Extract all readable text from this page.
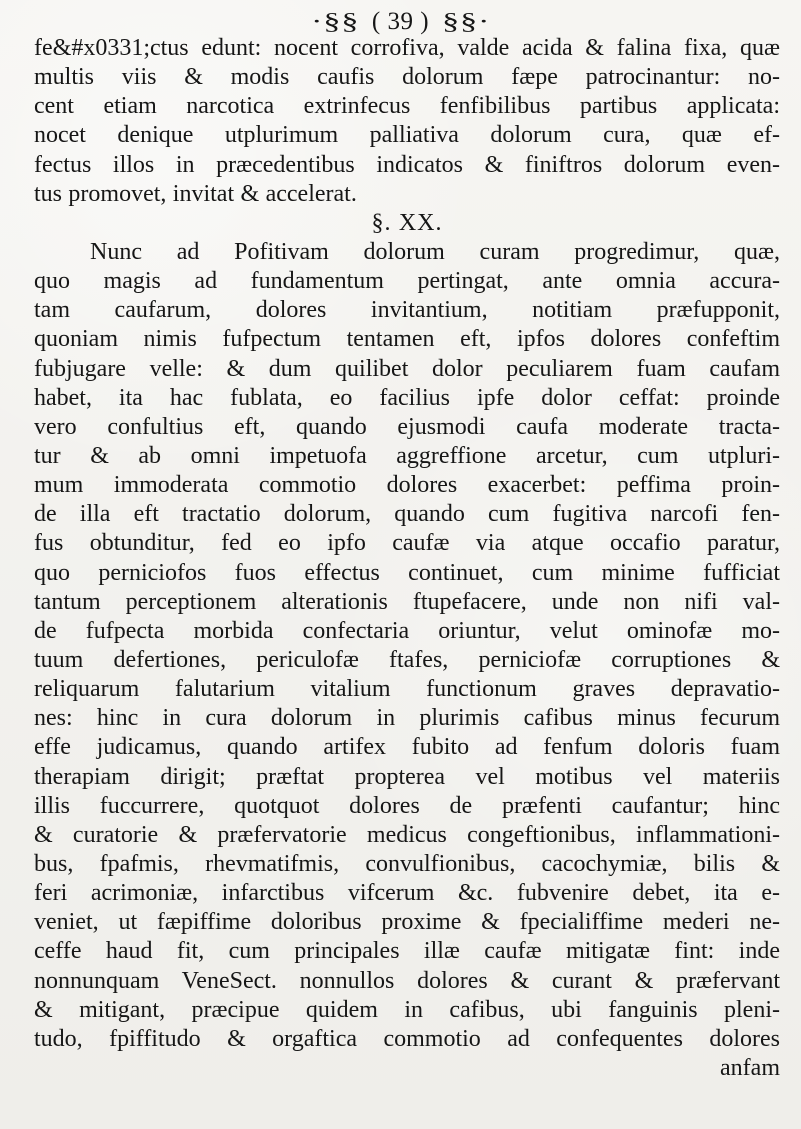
·§§ ( 39 ) §§·
fe&#x0331;ctus edunt: nocent corrofiva, valde acida & falina fixa, quæ
multis viis & modis caufis dolorum fæpe patrocinantur: no-
cent etiam narcotica extrinfecus fenfibilibus partibus applicata:
nocet denique utplurimum palliativa dolorum cura, quæ ef-
fectus illos in præcedentibus indicatos & finiftros dolorum even-
tus promovet, invitat & accelerat.
§. XX.
Nunc ad Pofitivam dolorum curam progredimur, quæ,
quo magis ad fundamentum pertingat, ante omnia accura-
tam caufarum, dolores invitantium, notitiam præfupponit,
quoniam nimis fufpectum tentamen eft, ipfos dolores confeftim
fubjugare velle: & dum quilibet dolor peculiarem fuam caufam
habet, ita hac fublata, eo facilius ipfe dolor ceffat: proinde
vero confultius eft, quando ejusmodi caufa moderate tracta-
tur & ab omni impetuofa aggreffione arcetur, cum utpluri-
mum immoderata commotio dolores exacerbet: peffima proin-
de illa eft tractatio dolorum, quando cum fugitiva narcofi fen-
fus obtunditur, fed eo ipfo caufæ via atque occafio paratur,
quo perniciofos fuos effectus continuet, cum minime fufficiat
tantum perceptionem alterationis ftupefacere, unde non nifi val-
de fufpecta morbida confectaria oriuntur, velut ominofæ mo-
tuum defertiones, periculofæ ftafes, perniciofæ corruptiones &
reliquarum falutarium vitalium functionum graves depravatio-
nes: hinc in cura dolorum in plurimis cafibus minus fecurum
effe judicamus, quando artifex fubito ad fenfum doloris fuam
therapiam dirigit; præftat propterea vel motibus vel materiis
illis fuccurrere, quotquot dolores de præfenti caufantur; hinc
& curatorie & præfervatorie medicus congeftionibus, inflammationi-
bus, fpafmis, rhevmatifmis, convulfionibus, cacochymiæ, bilis &
feri acrimoniæ, infarctibus vifcerum &c. fubvenire debet, ita e-
veniet, ut fæpiffime doloribus proxime & fpecialiffime mederi ne-
ceffe haud fit, cum principales illæ caufæ mitigatæ fint: inde
nonnunquam VeneSect. nonnullos dolores & curant & præfervant
& mitigant, præcipue quidem in cafibus, ubi fanguinis pleni-
tudo, fpiffitudo & orgaftica commotio ad confequentes dolores
anfam
